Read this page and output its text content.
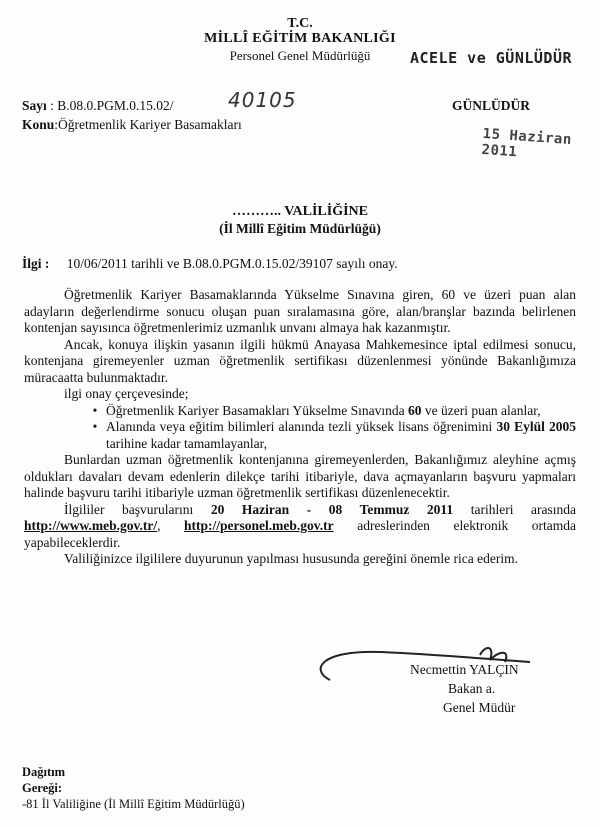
T.C.
MİLLÎ EĞİTİM BAKANLIĞI
Personel Genel Müdürlüğü	ACELE ve GÜNLÜDÜR
Sayı : B.08.0.PGM.0.15.02/	40105
Konu:Öğretmenlik Kariyer Basamakları
GÜNLÜDÜR
15 Haziran 2011
……….. VALİLİĞİNE
(İl Millî Eğitim Müdürlüğü)
İlgi : 10/06/2011 tarihli ve B.08.0.PGM.0.15.02/39107 sayılı onay.
Öğretmenlik Kariyer Basamaklarında Yükselme Sınavına giren, 60 ve üzeri puan alan adayların değerlendirme sonucu oluşan puan sıralamasına göre, alan/branşlar bazında belirlenen kontenjan sayısınca öğretmenlerimiz uzmanlık unvanı almaya hak kazanmıştır.
Ancak, konuya ilişkin yasanın ilgili hükmü Anayasa Mahkemesince iptal edilmesi sonucu, kontenjana giremeyenler uzman öğretmenlik sertifikası düzenlenmesi yönünde Bakanlığımıza müracaatta bulunmaktadır.
ilgi onay çerçevesinde;
• Öğretmenlik Kariyer Basamakları Yükselme Sınavında 60 ve üzeri puan alanlar,
• Alanında veya eğitim bilimleri alanında tezli yüksek lisans öğrenimini 30 Eylül 2005 tarihine kadar tamamlayanlar,
Bunlardan uzman öğretmenlik kontenjanına giremeyenlerden, Bakanlığımız aleyhine açmış oldukları davaları devam edenlerin dilekçe tarihi itibariyle, dava açmayanların başvuru yapmaları halinde başvuru tarihi itibariyle uzman öğretmenlik sertifikası düzenlenecektir.
İlgililer başvurularını 20 Haziran - 08 Temmuz 2011 tarihleri arasında http://www.meb.gov.tr/, http://personel.meb.gov.tr adreslerinden elektronik ortamda yapabileceklerdir.
Valiliğinizce ilgililere duyurunun yapılması hususunda gereğini önemle rica ederim.
Necmettin YALÇIN
Bakan a.
Genel Müdür
Dağıtım
Gereği:
-81 İl Valiliğine (İl Millî Eğitim Müdürlüğü)
